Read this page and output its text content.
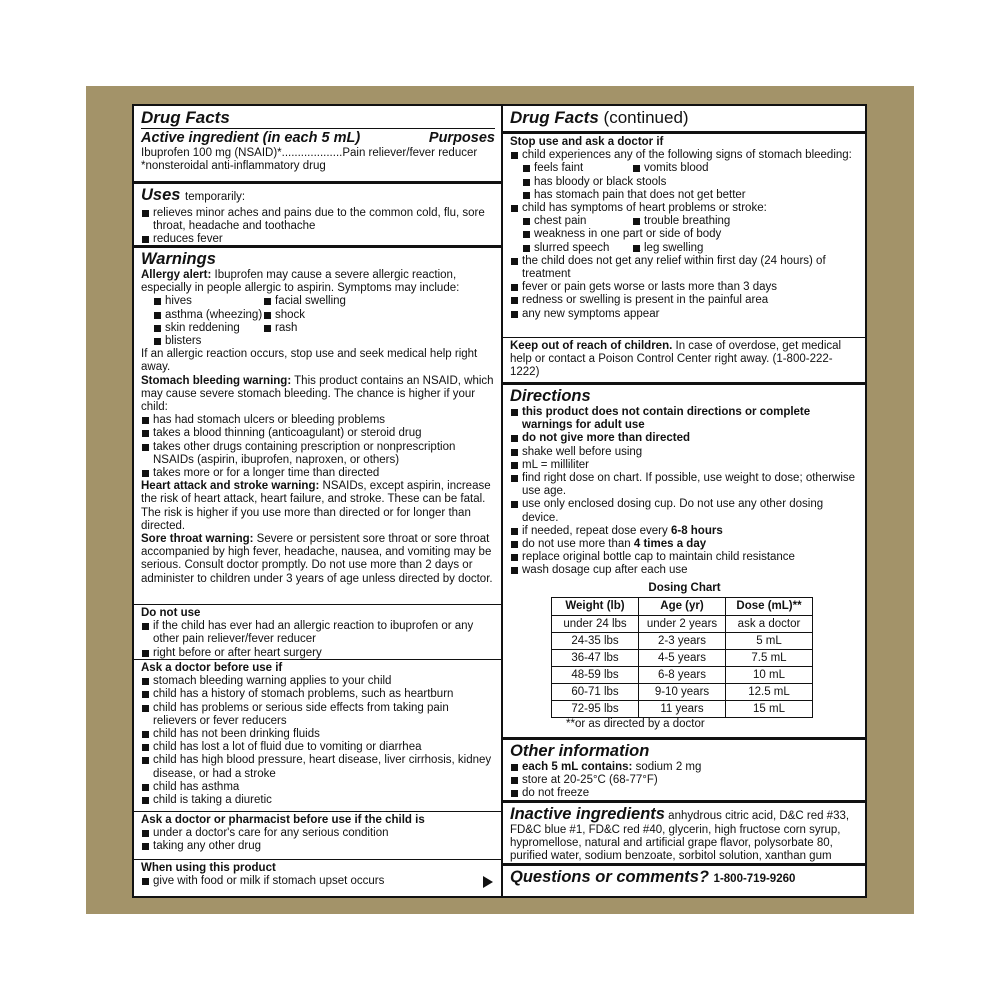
Drug Facts
Active ingredient (in each 5 mL)	Purposes
Ibuprofen 100 mg (NSAID)*...................Pain reliever/fever reducer
*nonsteroidal anti-inflammatory drug
Uses temporarily:
relieves minor aches and pains due to the common cold, flu, sore throat, headache and toothache
reduces fever
Warnings
Allergy alert: Ibuprofen may cause a severe allergic reaction, especially in people allergic to aspirin. Symptoms may include:
hives	facial swelling
asthma (wheezing)	shock
skin reddening	rash
blisters
If an allergic reaction occurs, stop use and seek medical help right away.
Stomach bleeding warning: This product contains an NSAID, which may cause severe stomach bleeding. The chance is higher if your child:
has had stomach ulcers or bleeding problems
takes a blood thinning (anticoagulant) or steroid drug
takes other drugs containing prescription or nonprescription NSAIDs (aspirin, ibuprofen, naproxen, or others)
takes more or for a longer time than directed
Heart attack and stroke warning: NSAIDs, except aspirin, increase the risk of heart attack, heart failure, and stroke. These can be fatal. The risk is higher if you use more than directed or for longer than directed.
Sore throat warning: Severe or persistent sore throat or sore throat accompanied by high fever, headache, nausea, and vomiting may be serious. Consult doctor promptly. Do not use more than 2 days or administer to children under 3 years of age unless directed by doctor.
Do not use
if the child has ever had an allergic reaction to ibuprofen or any other pain reliever/fever reducer
right before or after heart surgery
Ask a doctor before use if
stomach bleeding warning applies to your child
child has a history of stomach problems, such as heartburn
child has problems or serious side effects from taking pain relievers or fever reducers
child has not been drinking fluids
child has lost a lot of fluid due to vomiting or diarrhea
child has high blood pressure, heart disease, liver cirrhosis, kidney disease, or had a stroke
child has asthma
child is taking a diuretic
Ask a doctor or pharmacist before use if the child is
under a doctor's care for any serious condition
taking any other drug
When using this product
give with food or milk if stomach upset occurs
Drug Facts (continued)
Stop use and ask a doctor if
child experiences any of the following signs of stomach bleeding:
feels faint	vomits blood
has bloody or black stools
has stomach pain that does not get better
child has symptoms of heart problems or stroke:
chest pain	trouble breathing
weakness in one part or side of body
slurred speech	leg swelling
the child does not get any relief within first day (24 hours) of treatment
fever or pain gets worse or lasts more than 3 days
redness or swelling is present in the painful area
any new symptoms appear
Keep out of reach of children. In case of overdose, get medical help or contact a Poison Control Center right away. (1-800-222-1222)
Directions
this product does not contain directions or complete warnings for adult use
do not give more than directed
shake well before using
mL = milliliter
find right dose on chart. If possible, use weight to dose; otherwise use age.
use only enclosed dosing cup. Do not use any other dosing device.
if needed, repeat dose every 6-8 hours
do not use more than 4 times a day
replace original bottle cap to maintain child resistance
wash dosage cup after each use
Dosing Chart
Weight (lb)	Age (yr)	Dose (mL)**
under 24 lbs	under 2 years	ask a doctor
24-35 lbs	2-3 years	5 mL
36-47 lbs	4-5 years	7.5 mL
48-59 lbs	6-8 years	10 mL
60-71 lbs	9-10 years	12.5 mL
72-95 lbs	11 years	15 mL
**or as directed by a doctor
Other information
each 5 mL contains: sodium 2 mg
store at 20-25°C (68-77°F)
do not freeze
Inactive ingredients anhydrous citric acid, D&C red #33, FD&C blue #1, FD&C red #40, glycerin, high fructose corn syrup, hypromellose, natural and artificial grape flavor, polysorbate 80, purified water, sodium benzoate, sorbitol solution, xanthan gum
Questions or comments? 1-800-719-9260
